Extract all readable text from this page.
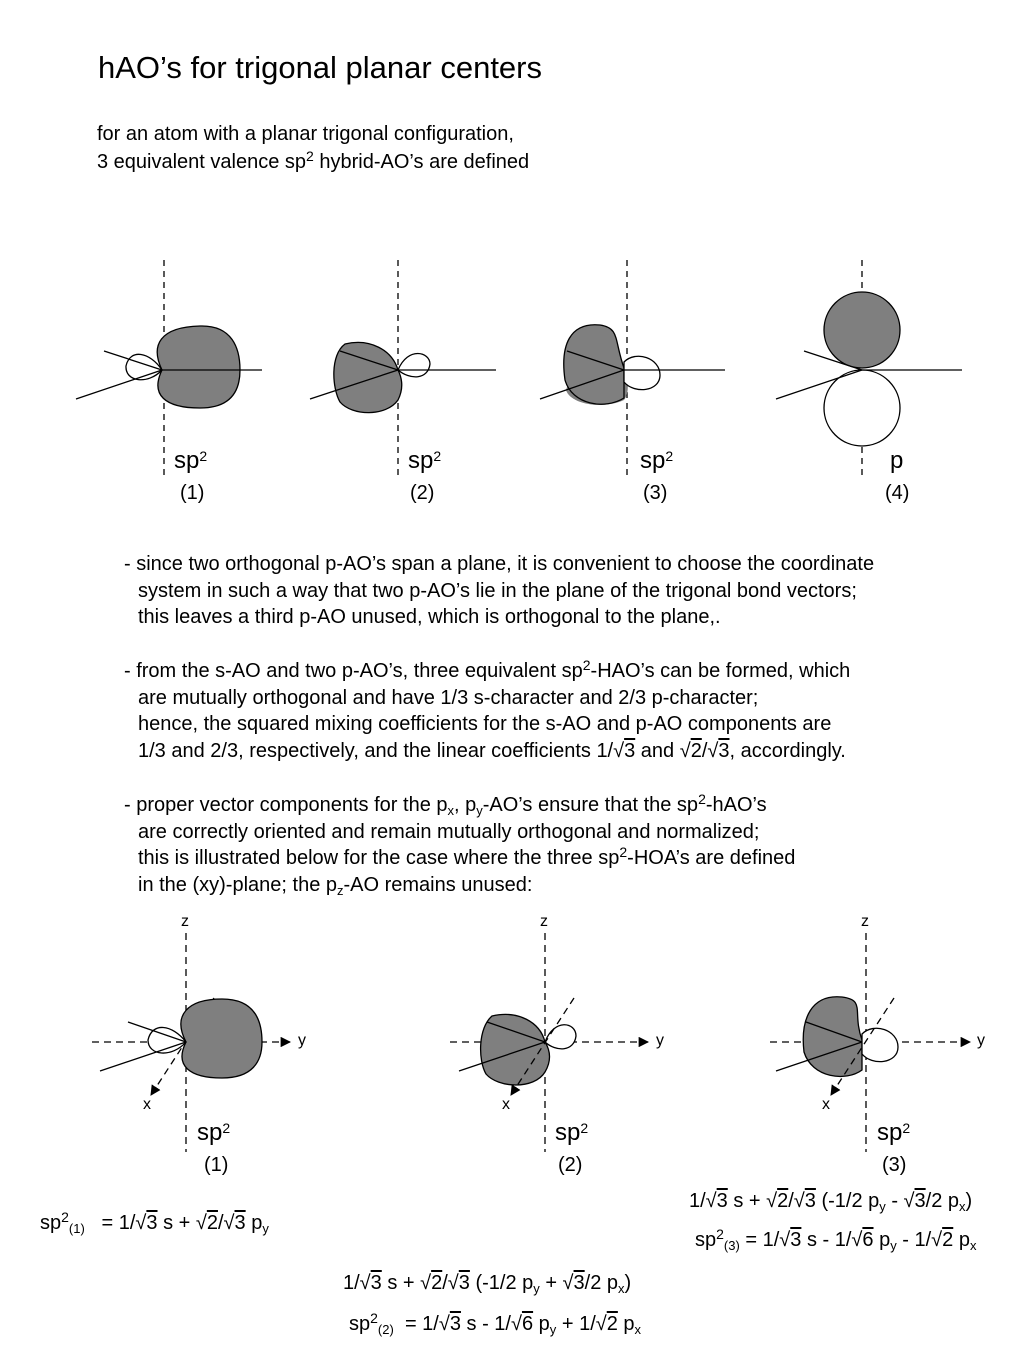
hAO’s for trigonal planar centers
for an atom with a planar trigonal configuration,
3 equivalent valence $sp^2$ hybrid-AO’s are defined
$sp^2$
(1)
$sp^2$
(2)
$sp^2$
(3)
p
(4)
- since two orthogonal p-AO’s span a plane, it is convenient to choose the coordinate
system in such a way that two p-AO’s lie in the plane of the trigonal bond vectors;
this leaves a third p-AO unused, which is orthogonal to the plane,.
- from the s-AO and two p-AO’s, three equivalent $sp^2-HAO’s$ can be formed, which
are mutually orthogonal and have 1/3 s-character and 2/3 p-character;
hence, the squared mixing coefficients for the s-AO and p-AO components are
1/3 and 2/3, respectively, and the linear coefficients 1/√3 and √2/√3, accordingly.
- proper vector components for the $p_x$, $p_y-AO’s$ ensure that the $sp^2-hAO’s$
are correctly oriented and remain mutually orthogonal and normalized;
this is illustrated below for the case where the three $sp^2-HOA’s$ are defined
in the (xy)-plane; the $p_z-AO$ remains unused:
z
y
x
z
y
x
z
y
x
$sp^2$
(1)
$sp^2$
(2)
$sp^2$
(3)
$sp^2_{(1)} = 1/√3$ s + √2/√3 $p_y$
1/√3 s + √2/√3 (-1/2 $p_y - √3/2$ $p_x$)
$sp^2_{(3)} = 1/√3$ s - 1/√6 $p_y - 1/√2$ $p_x$
1/√3 s + √2/√3 (-1/2 $p_y + √3/2$ $p_x$)
$sp^2_{(2)} = 1/√3$ s - 1/√6 $p_y + 1/√2$ $p_x$
